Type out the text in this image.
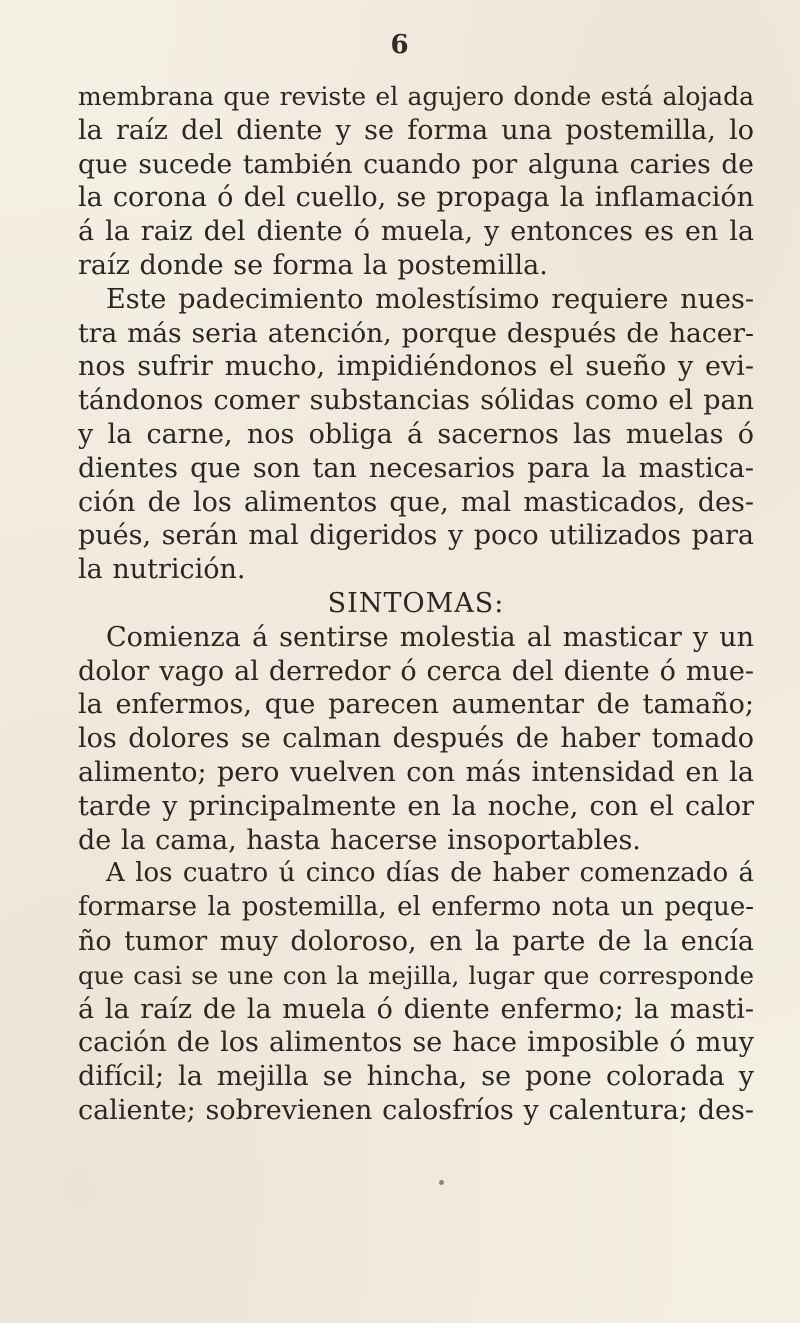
6
membrana que reviste el agujero donde está alojada
la raíz del diente y se forma una postemilla, lo
que sucede también cuando por alguna caries de
la corona ó del cuello, se propaga la inflamación
á la raiz del diente ó muela, y entonces es en la
raíz donde se forma la postemilla.
Este padecimiento molestísimo requiere nues-
tra más seria atención, porque después de hacer-
nos sufrir mucho, impidiéndonos el sueño y evi-
tándonos comer substancias sólidas como el pan
y la carne, nos obliga á sacernos las muelas ó
dientes que son tan necesarios para la mastica-
ción de los alimentos que, mal masticados, des-
pués, serán mal digeridos y poco utilizados para
la nutrición.
SINTOMAS:
Comienza á sentirse molestia al masticar y un
dolor vago al derredor ó cerca del diente ó mue-
la enfermos, que parecen aumentar de tamaño;
los dolores se calman después de haber tomado
alimento; pero vuelven con más intensidad en la
tarde y principalmente en la noche, con el calor
de la cama, hasta hacerse insoportables.
A los cuatro ú cinco días de haber comenzado á
formarse la postemilla, el enfermo nota un peque-
ño tumor muy doloroso, en la parte de la encía
que casi se une con la mejilla, lugar que corresponde
á la raíz de la muela ó diente enfermo; la masti-
cación de los alimentos se hace imposible ó muy
difícil; la mejilla se hincha, se pone colorada y
caliente; sobrevienen calosfríos y calentura; des-
